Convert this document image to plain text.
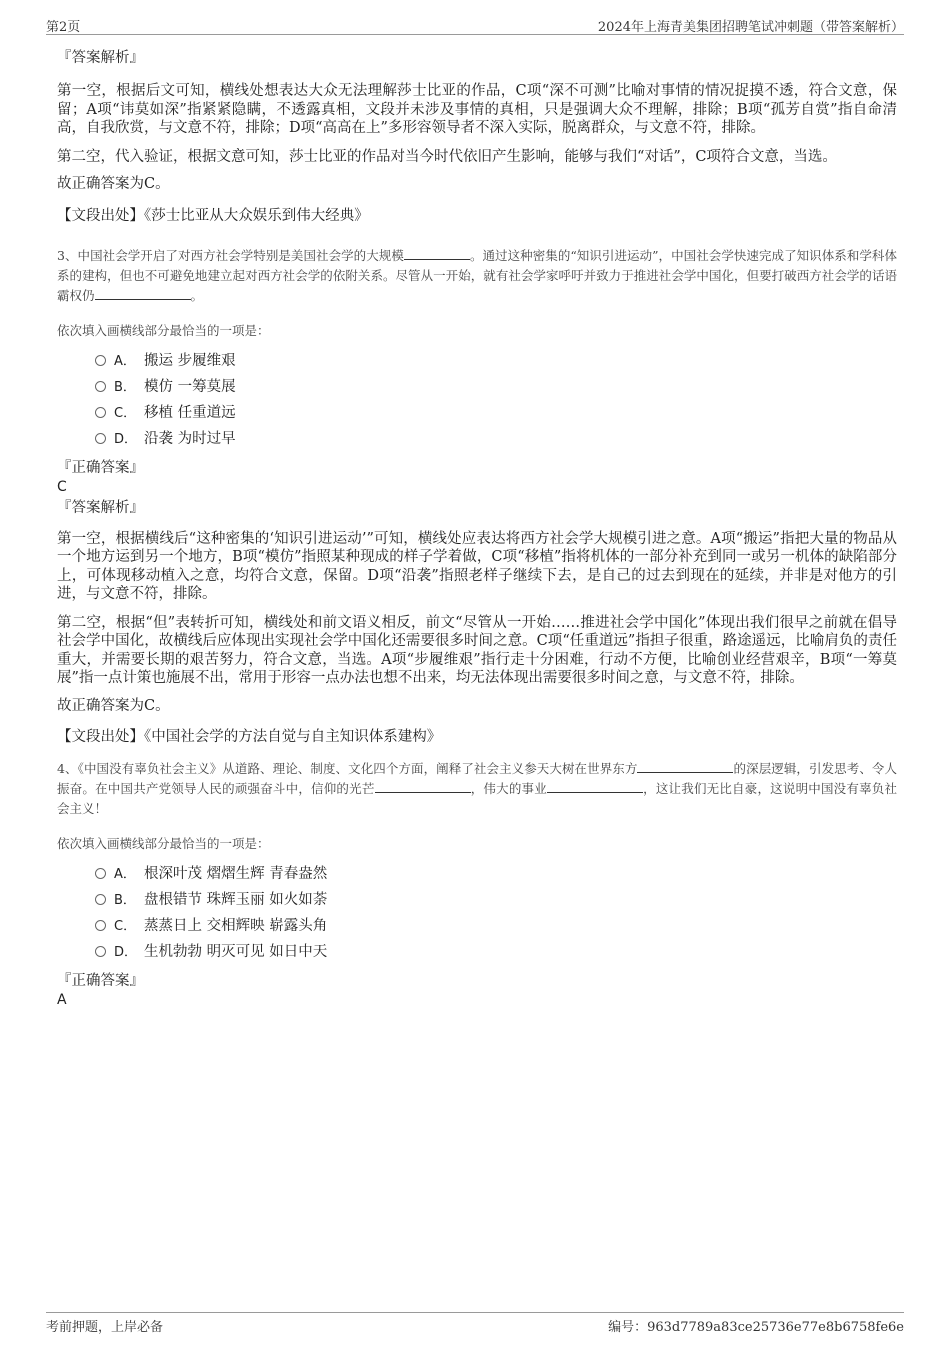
第2页	2024年上海青美集团招聘笔试冲刺题（带答案解析）

『答案解析』

第一空，根据后文可知，横线处想表达大众无法理解莎士比亚的作品，C项“深不可测”比喻对事情的情况捉摸不透，符合文意，保留；A项“讳莫如深”指紧紧隐瞒，不透露真相，文段并未涉及事情的真相，只是强调大众不理解，排除；B项“孤芳自赏”指自命清高，自我欣赏，与文意不符，排除；D项“高高在上”多形容领导者不深入实际，脱离群众，与文意不符，排除。

第二空，代入验证，根据文意可知，莎士比亚的作品对当今时代依旧产生影响，能够与我们“对话”，C项符合文意，当选。

故正确答案为C。

【文段出处】《莎士比亚从大众娱乐到伟大经典》

3、中国社会学开启了对西方社会学特别是美国社会学的大规模	。通过这种密集的“知识引进运动”，中国社会学快速完成了知识体系和学科体系的建构，但也不可避免地建立起对西方社会学的依附关系。尽管从一开始，就有社会学家呼吁并致力于推进社会学中国化，但要打破西方社会学的话语霸权仍	。

依次填入画横线部分最恰当的一项是：

A． 搬运 步履维艰
B． 模仿 一筹莫展
C． 移植 任重道远
D． 沿袭 为时过早

『正确答案』

C

『答案解析』

第一空，根据横线后“这种密集的‘知识引进运动’”可知，横线处应表达将西方社会学大规模引进之意。A项“搬运”指把大量的物品从一个地方运到另一个地方，B项“模仿”指照某种现成的样子学着做，C项“移植”指将机体的一部分补充到同一或另一机体的缺陷部分上，可体现移动植入之意，均符合文意，保留。D项“沿袭”指照老样子继续下去，是自己的过去到现在的延续，并非是对他方的引进，与文意不符，排除。

第二空，根据“但”表转折可知，横线处和前文语义相反，前文“尽管从一开始……推进社会学中国化”体现出我们很早之前就在倡导社会学中国化，故横线后应体现出实现社会学中国化还需要很多时间之意。C项“任重道远”指担子很重，路途遥远，比喻肩负的责任重大，并需要长期的艰苦努力，符合文意，当选。A项“步履维艰”指行走十分困难，行动不方便，比喻创业经营艰辛，B项“一筹莫展”指一点计策也施展不出，常用于形容一点办法也想不出来，均无法体现出需要很多时间之意，与文意不符，排除。

故正确答案为C。

【文段出处】《中国社会学的方法自觉与自主知识体系建构》

4、《中国没有辜负社会主义》从道路、理论、制度、文化四个方面，阐释了社会主义参天大树在世界东方	的深层逻辑，引发思考、令人振奋。在中国共产党领导人民的顽强奋斗中，信仰的光芒	，伟大的事业	，这让我们无比自豪，这说明中国没有辜负社会主义！

依次填入画横线部分最恰当的一项是：

A． 根深叶茂 熠熠生辉 青春盎然
B． 盘根错节 珠辉玉丽 如火如荼
C． 蒸蒸日上 交相辉映 崭露头角
D． 生机勃勃 明灭可见 如日中天

『正确答案』

A

考前押题，上岸必备	编号：963d7789a83ce25736e77e8b6758fe6e
